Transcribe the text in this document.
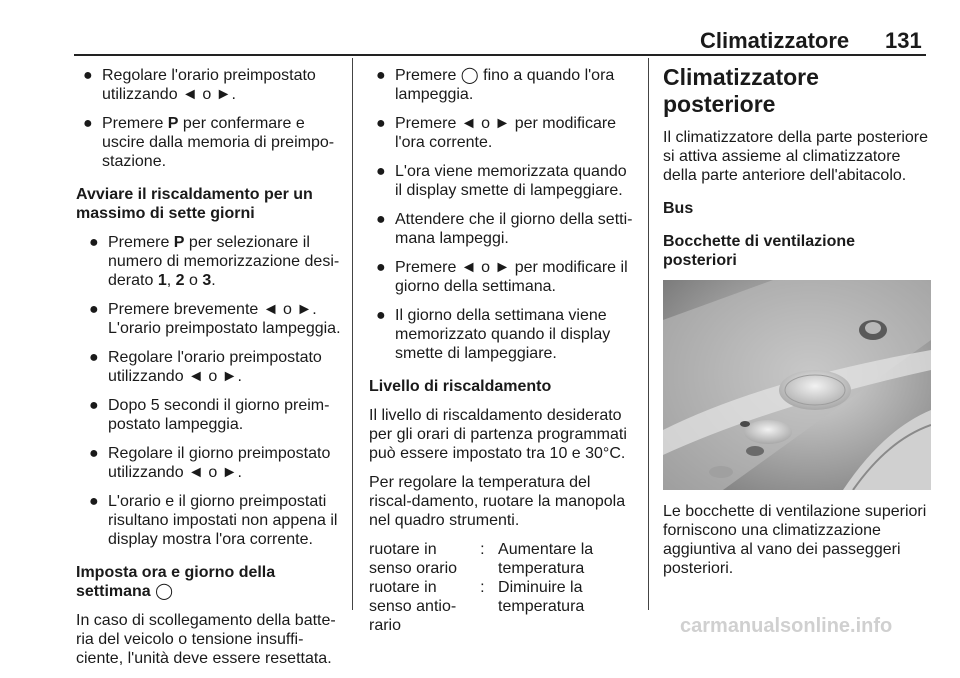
Climatizzatore 131
● Regolare l'orario preimpostato utilizzando ◄ o ►.
● Premere P per confermare e uscire dalla memoria di preimpo-stazione.

Avviare il riscaldamento per un massimo di sette giorni

● Premere P per selezionare il numero di memorizzazione desi-derato 1, 2 o 3.
● Premere brevemente ◄ o ►. L'orario preimpostato lampeggia.
● Regolare l'orario preimpostato utilizzando ◄ o ►.
● Dopo 5 secondi il giorno preim-postato lampeggia.
● Regolare il giorno preimpostato utilizzando ◄ o ►.
● L'orario e il giorno preimpostati risultano impostati non appena il display mostra l'ora corrente.

Imposta ora e giorno della settimana ◯

In caso di scollegamento della batte-ria del veicolo o tensione insuffi-ciente, l'unità deve essere resettata.

● Premere ◯ fino a quando l'ora lampeggia.
● Premere ◄ o ► per modificare l'ora corrente.
● L'ora viene memorizzata quando il display smette di lampeggiare.
● Attendere che il giorno della setti-mana lampeggi.
● Premere ◄ o ► per modificare il giorno della settimana.
● Il giorno della settimana viene memorizzato quando il display smette di lampeggiare.

Livello di riscaldamento

Il livello di riscaldamento desiderato per gli orari di partenza programmati può essere impostato tra 10 e 30°C.

Per regolare la temperatura del riscal-damento, ruotare la manopola nel quadro strumenti.

ruotare in senso orario
: Aumentare la temperatura
ruotare in senso antio-rario
: Diminuire la temperatura

Climatizzatore posteriore

Il climatizzatore della parte posteriore si attiva assieme al climatizzatore della parte anteriore dell'abitacolo.

Bus

Bocchette di ventilazione posteriori

Le bocchette di ventilazione superiori forniscono una climatizzazione aggiuntiva al vano dei passeggeri posteriori.

carmanualsonline.info
